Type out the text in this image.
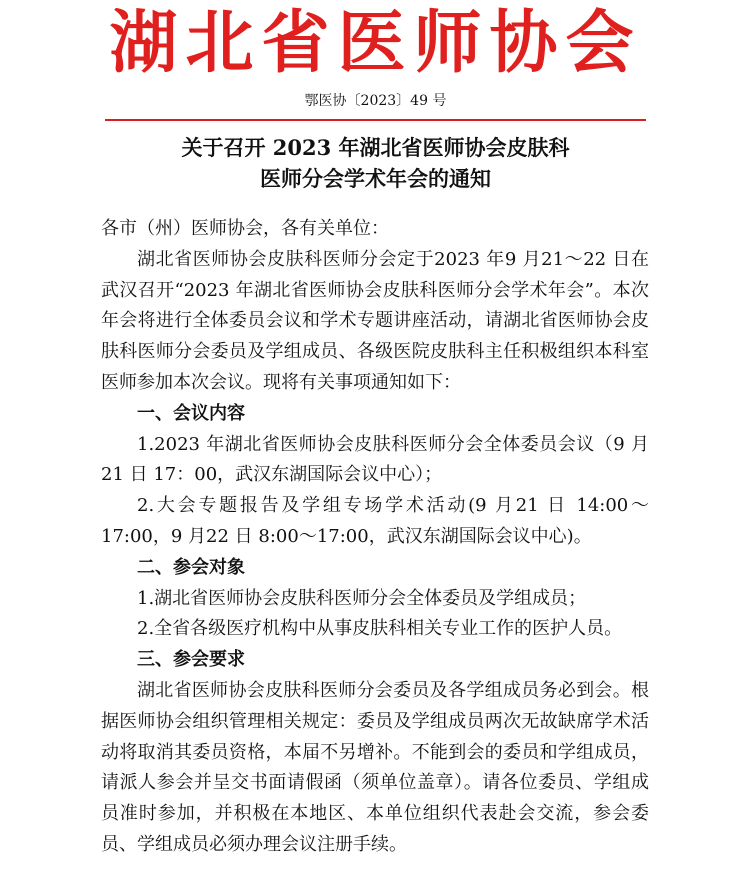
湖北省医师协会
鄂医协〔2023〕49 号
关于召开 2023 年湖北省医师协会皮肤科
医师分会学术年会的通知

各市（州）医师协会，各有关单位：

湖北省医师协会皮肤科医师分会定于2023 年9 月21～22 日在武汉召开“2023 年湖北省医师协会皮肤科医师分会学术年会”。本次年会将进行全体委员会议和学术专题讲座活动，请湖北省医师协会皮肤科医师分会委员及学组成员、各级医院皮肤科主任积极组织本科室医师参加本次会议。现将有关事项通知如下：

一、会议内容

1.2023 年湖北省医师协会皮肤科医师分会全体委员会议（9 月21 日 17：00，武汉东湖国际会议中心）；

2.大会专题报告及学组专场学术活动(9 月21 日 14:00～17:00，9 月22 日 8:00～17:00，武汉东湖国际会议中心)。

二、参会对象

1.湖北省医师协会皮肤科医师分会全体委员及学组成员；

2.全省各级医疗机构中从事皮肤科相关专业工作的医护人员。

三、参会要求

湖北省医师协会皮肤科医师分会委员及各学组成员务必到会。根据医师协会组织管理相关规定：委员及学组成员两次无故缺席学术活动将取消其委员资格，本届不另增补。不能到会的委员和学组成员，请派人参会并呈交书面请假函（须单位盖章）。请各位委员、学组成员准时参加，并积极在本地区、本单位组织代表赴会交流，参会委员、学组成员必须办理会议注册手续。
